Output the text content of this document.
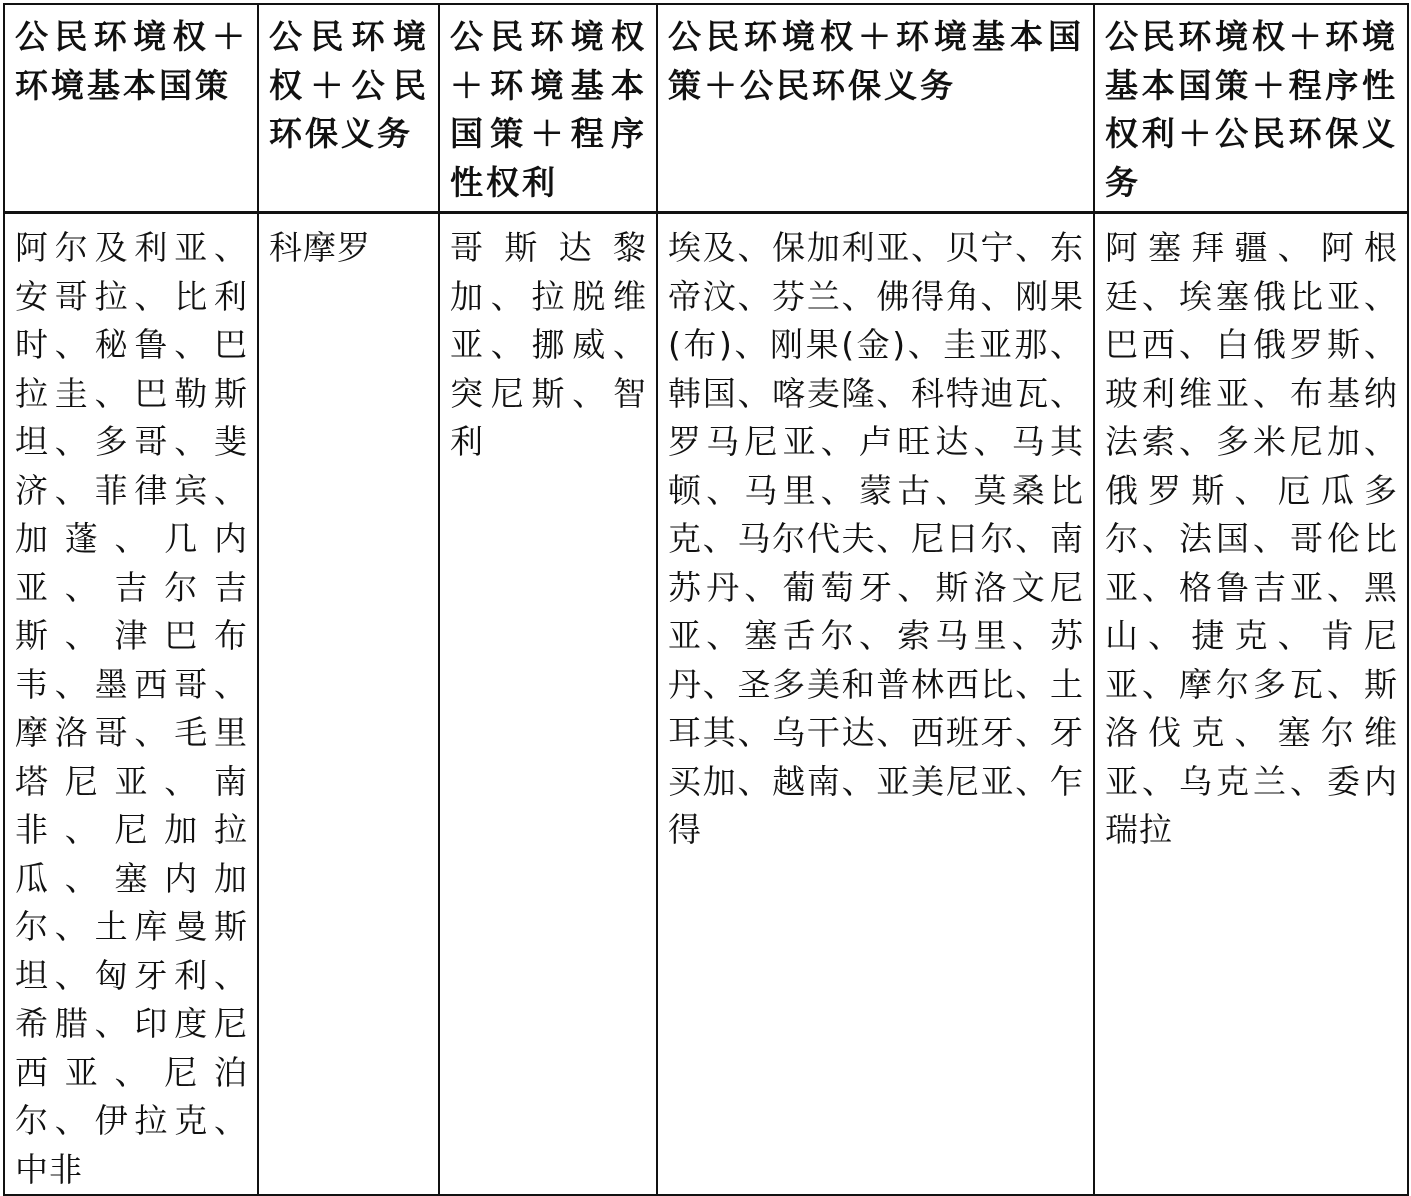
公民环境权＋环境基本国策	公民环境权＋公民环保义务	公民环境权＋环境基本国策＋程序性权利	公民环境权＋环境基本国策＋公民环保义务	公民环境权＋环境基本国策＋程序性权利＋公民环保义务

阿尔及利亚、安哥拉、比利时、秘鲁、巴拉圭、巴勒斯坦、多哥、斐济、菲律宾、加蓬、几内亚、吉尔吉斯、津巴布韦、墨西哥、摩洛哥、毛里塔尼亚、南非、尼加拉瓜、塞内加尔、土库曼斯坦、匈牙利、希腊、印度尼西亚、尼泊尔、伊拉克、中非	科摩罗	哥斯达黎加、拉脱维亚、挪威、突尼斯、智利	埃及、保加利亚、贝宁、东帝汶、芬兰、佛得角、刚果(布)、刚果(金)、圭亚那、韩国、喀麦隆、科特迪瓦、罗马尼亚、卢旺达、马其顿、马里、蒙古、莫桑比克、马尔代夫、尼日尔、南苏丹、葡萄牙、斯洛文尼亚、塞舌尔、索马里、苏丹、圣多美和普林西比、土耳其、乌干达、西班牙、牙买加、越南、亚美尼亚、乍得	阿塞拜疆、阿根廷、埃塞俄比亚、巴西、白俄罗斯、玻利维亚、布基纳法索、多米尼加、俄罗斯、厄瓜多尔、法国、哥伦比亚、格鲁吉亚、黑山、捷克、肯尼亚、摩尔多瓦、斯洛伐克、塞尔维亚、乌克兰、委内瑞拉
